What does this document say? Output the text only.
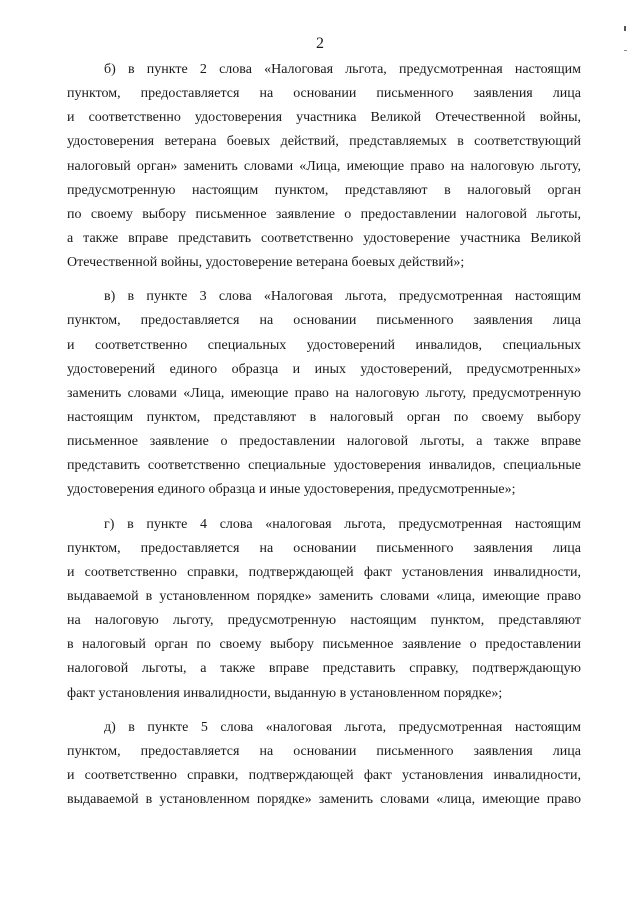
2
б) в пункте 2 слова «Налоговая льгота, предусмотренная настоящим
пунктом, предоставляется на основании письменного заявления лица
и соответственно удостоверения участника Великой Отечественной войны,
удостоверения ветерана боевых действий, представляемых в соответствующий
налоговый орган» заменить словами «Лица, имеющие право на налоговую льготу,
предусмотренную настоящим пунктом, представляют в налоговый орган
по своему выбору письменное заявление о предоставлении налоговой льготы,
а также вправе представить соответственно удостоверение участника Великой
Отечественной войны, удостоверение ветерана боевых действий»;
в) в пункте 3 слова «Налоговая льгота, предусмотренная настоящим
пунктом, предоставляется на основании письменного заявления лица
и соответственно специальных удостоверений инвалидов, специальных
удостоверений единого образца и иных удостоверений, предусмотренных»
заменить словами «Лица, имеющие право на налоговую льготу, предусмотренную
настоящим пунктом, представляют в налоговый орган по своему выбору
письменное заявление о предоставлении налоговой льготы, а также вправе
представить соответственно специальные удостоверения инвалидов, специальные
удостоверения единого образца и иные удостоверения, предусмотренные»;
г) в пункте 4 слова «налоговая льгота, предусмотренная настоящим
пунктом, предоставляется на основании письменного заявления лица
и соответственно справки, подтверждающей факт установления инвалидности,
выдаваемой в установленном порядке» заменить словами «лица, имеющие право
на налоговую льготу, предусмотренную настоящим пунктом, представляют
в налоговый орган по своему выбору письменное заявление о предоставлении
налоговой льготы, а также вправе представить справку, подтверждающую
факт установления инвалидности, выданную в установленном порядке»;
д) в пункте 5 слова «налоговая льгота, предусмотренная настоящим
пунктом, предоставляется на основании письменного заявления лица
и соответственно справки, подтверждающей факт установления инвалидности,
выдаваемой в установленном порядке» заменить словами «лица, имеющие право
